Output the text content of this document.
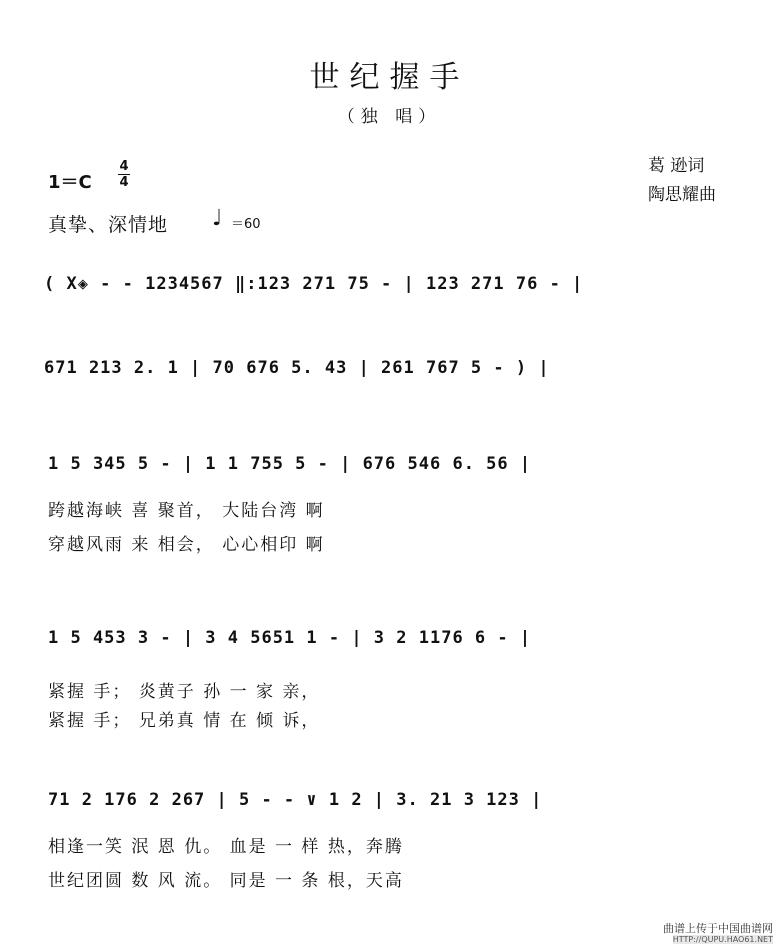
世纪握手
（独 唱）
葛 逊词
陶思耀曲
1＝C
4
4
真挚、深情地 ♩ ＝60
( X◈ - - 1234567 ‖:123 271 75 - | 123 271 76 - |
671 213 2. 1 | 70 676 5. 43 | 261 767 5 - ) |
1 5 345 5 - | 1 1 755 5 - | 676 546 6. 56 |
跨越海峡 喜 聚首， 大陆台湾 啊
穿越风雨 来 相会， 心心相印 啊
1 5 453 3 - | 3 4 5651 1 - | 3 2 1176 6 - |
紧握 手； 炎黄子 孙 一 家 亲，
紧握 手； 兄弟真 情 在 倾 诉，
71 2 176 2 267 | 5 - - ∨ 1 2 | 3. 21 3 123 |
相逢一笑 泯 恩 仇。 血是 一 样 热，奔腾
世纪团圆 数 风 流。 同是 一 条 根，天高
曲谱上传于中国曲谱网
HTTP://QUPU.HAO61.NET
